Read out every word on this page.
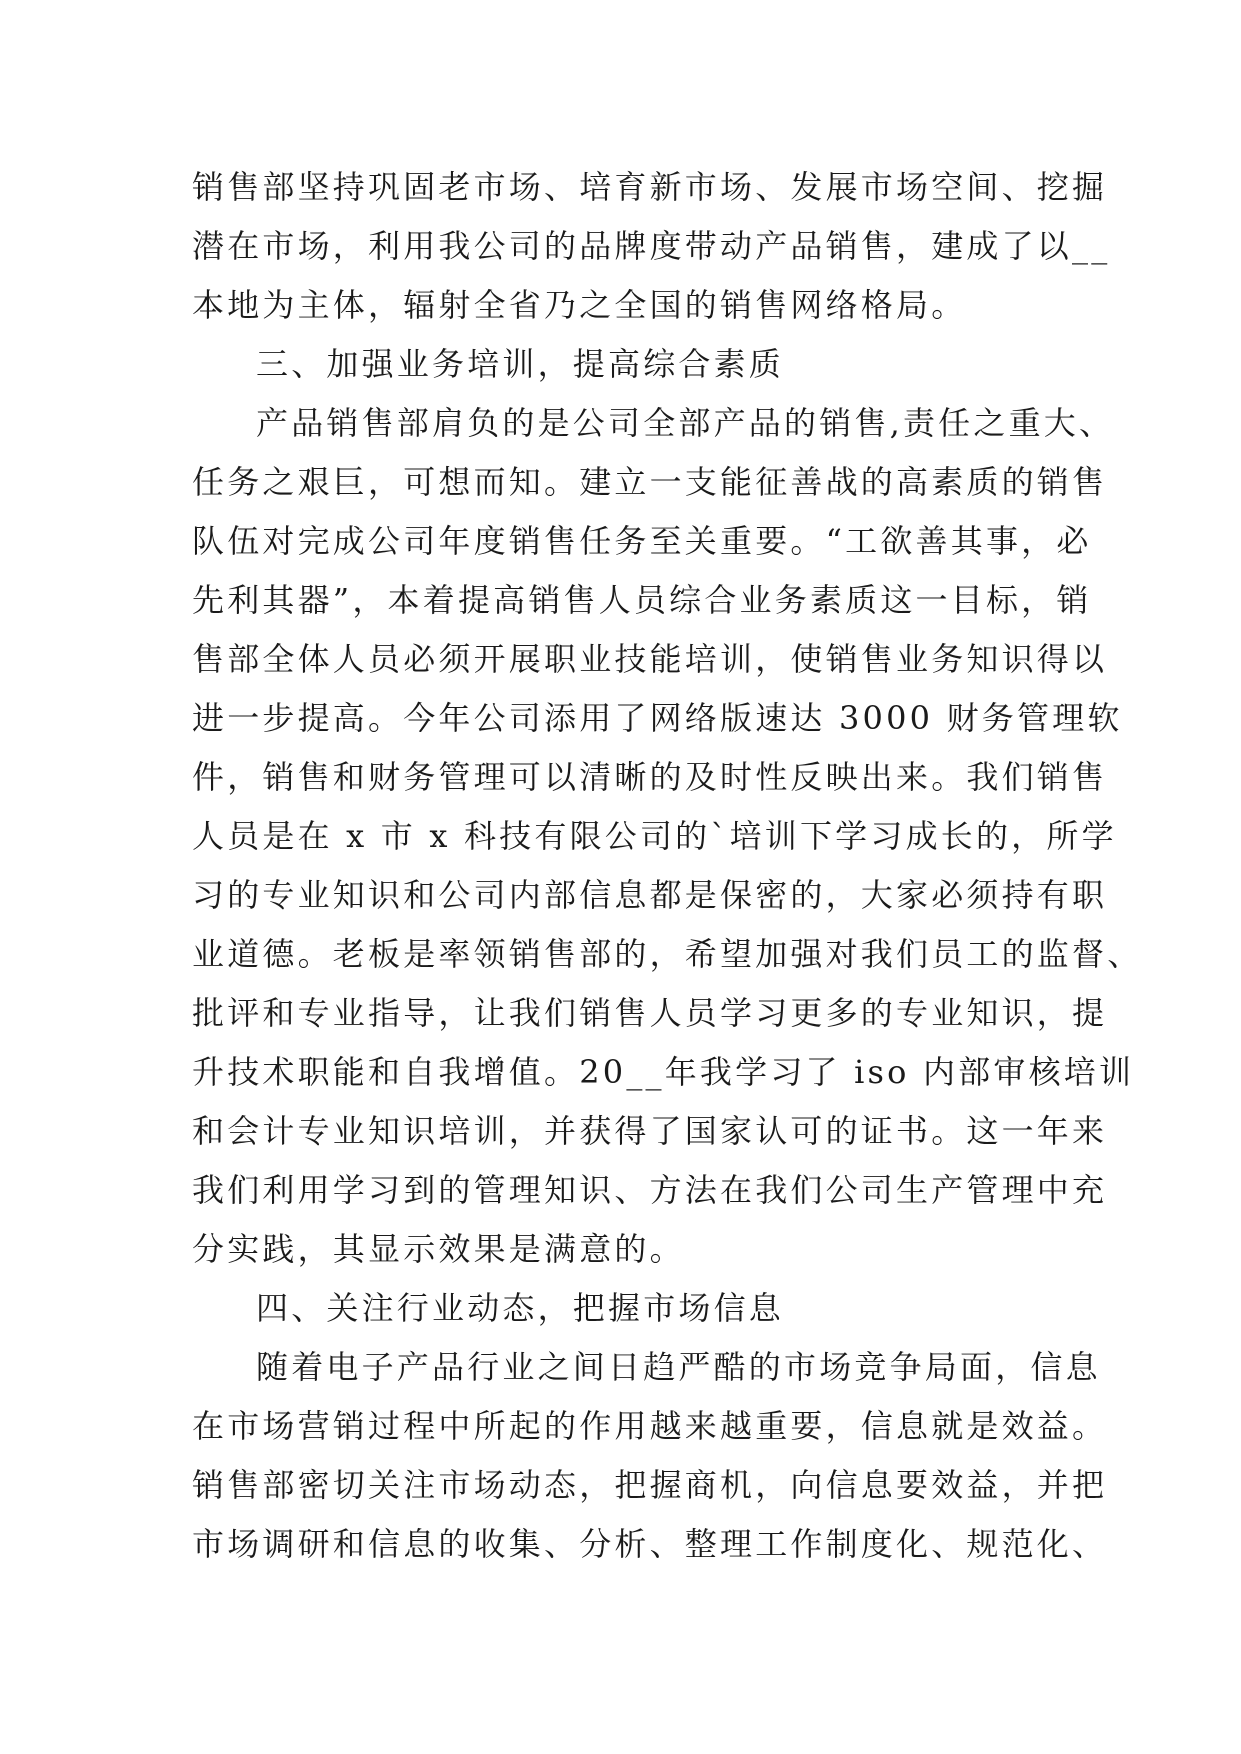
销售部坚持巩固老市场、培育新市场、发展市场空间、挖掘
潜在市场，利用我公司的品牌度带动产品销售，建成了以__
本地为主体，辐射全省乃之全国的销售网络格局。
三、加强业务培训，提高综合素质
产品销售部肩负的是公司全部产品的销售,责任之重大、
任务之艰巨，可想而知。建立一支能征善战的高素质的销售
队伍对完成公司年度销售任务至关重要。“工欲善其事，必
先利其器”，本着提高销售人员综合业务素质这一目标，销
售部全体人员必须开展职业技能培训，使销售业务知识得以
进一步提高。今年公司添用了网络版速达 3000 财务管理软
件，销售和财务管理可以清晰的及时性反映出来。我们销售
人员是在 x 市 x 科技有限公司的`培训下学习成长的，所学
习的专业知识和公司内部信息都是保密的，大家必须持有职
业道德。老板是率领销售部的，希望加强对我们员工的监督、
批评和专业指导，让我们销售人员学习更多的专业知识，提
升技术职能和自我增值。20__年我学习了 iso 内部审核培训
和会计专业知识培训，并获得了国家认可的证书。这一年来
我们利用学习到的管理知识、方法在我们公司生产管理中充
分实践，其显示效果是满意的。
四、关注行业动态，把握市场信息
随着电子产品行业之间日趋严酷的市场竞争局面，信息
在市场营销过程中所起的作用越来越重要，信息就是效益。
销售部密切关注市场动态，把握商机，向信息要效益，并把
市场调研和信息的收集、分析、整理工作制度化、规范化、
